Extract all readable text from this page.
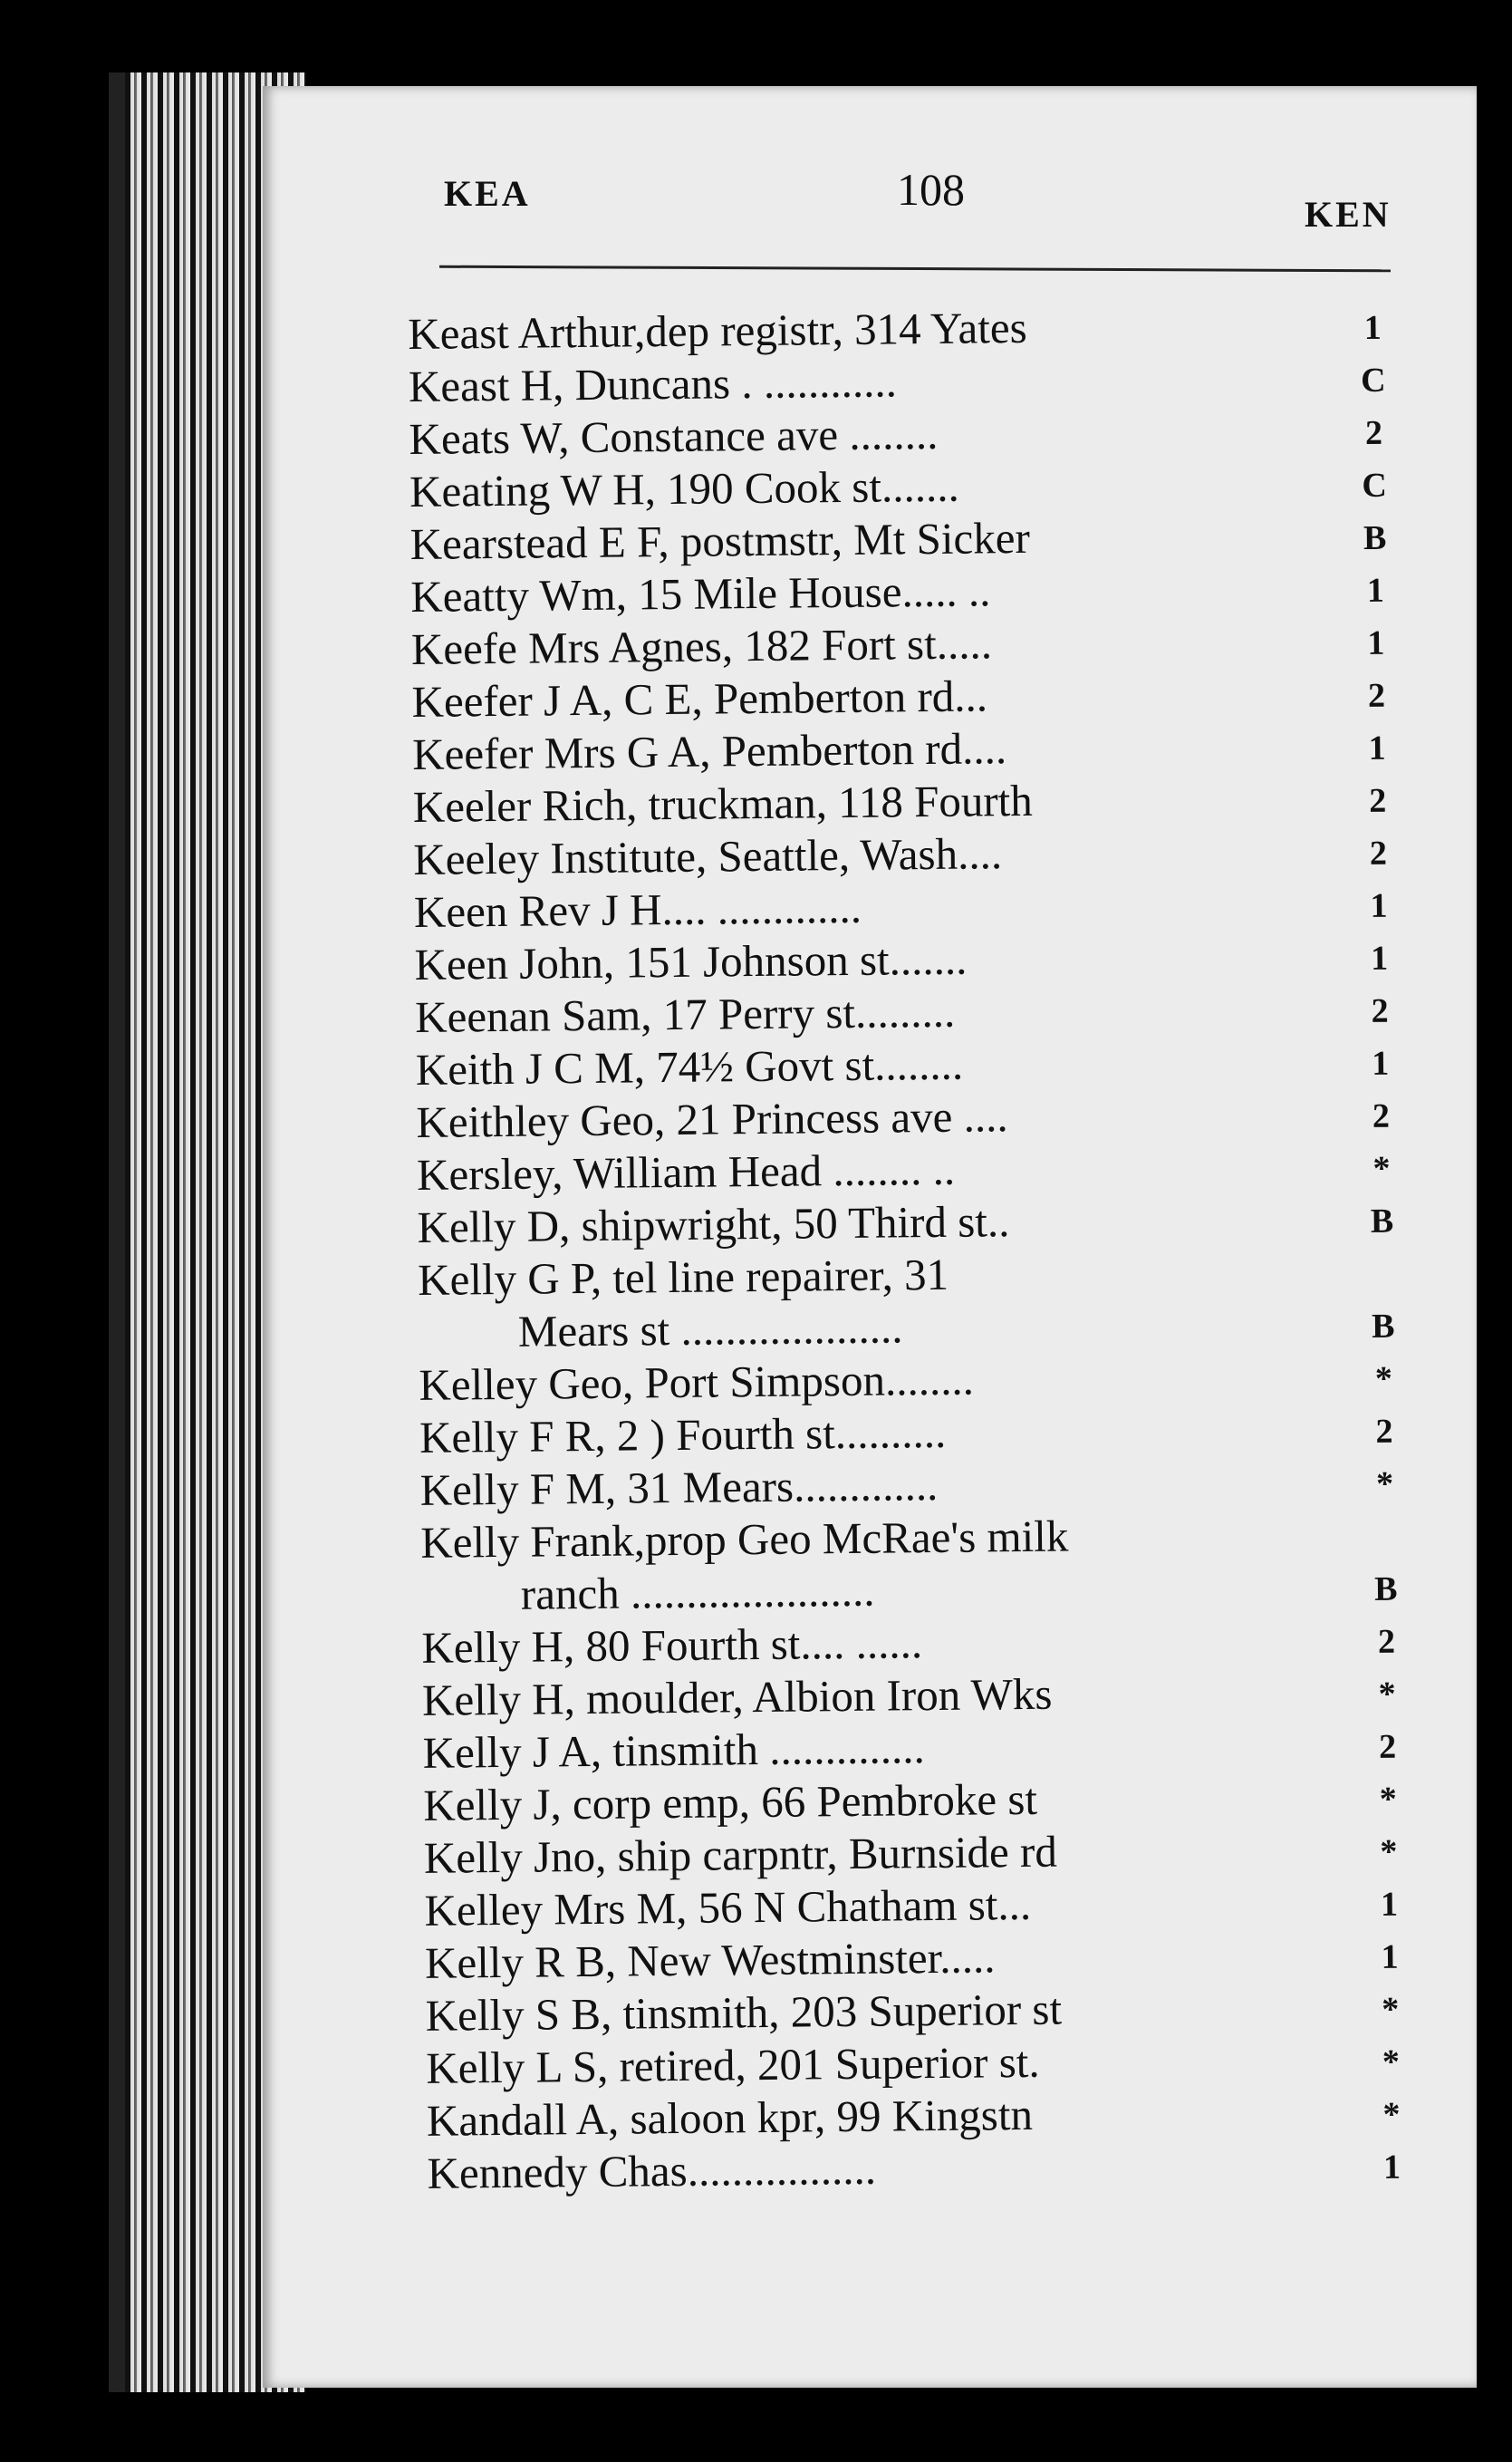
KEA	108	KEN
Keast Arthur,dep registr, 314 Yates	1
Keast H, Duncans . ............	C
Keats W, Constance ave ........	2
Keating W H, 190 Cook st.......	C
Kearstead E F, postmstr, Mt Sicker	B
Keatty Wm, 15 Mile House..... ..	1
Keefe Mrs Agnes, 182 Fort st.....	1
Keefer J A, C E, Pemberton rd...	2
Keefer Mrs G A, Pemberton rd....	1
Keeler Rich, truckman, 118 Fourth	2
Keeley Institute, Seattle, Wash....	2
Keen Rev J H.... .............	1
Keen John, 151 Johnson st.......	1
Keenan Sam, 17 Perry st.........	2
Keith J C M, 74½ Govt st........	1
Keithley Geo, 21 Princess ave ....	2
Kersley, William Head ........ ..	*
Kelly D, shipwright, 50 Third st..	B
Kelly G P, tel line repairer, 31
Mears st ....................	B
Kelley Geo, Port Simpson........	*
Kelly F R, 2 ) Fourth st..........	2
Kelly F M, 31 Mears.............	*
Kelly Frank,prop Geo McRae's milk
ranch ......................	B
Kelly H, 80 Fourth st.... ......	2
Kelly H, moulder, Albion Iron Wks	*
Kelly J A, tinsmith ..............	2
Kelly J, corp emp, 66 Pembroke st	*
Kelly Jno, ship carpntr, Burnside rd	*
Kelley Mrs M, 56 N Chatham st...	1
Kelly R B, New Westminster.....	1
Kelly S B, tinsmith, 203 Superior st	*
Kelly L S, retired, 201 Superior st.	*
Kandall A, saloon kpr, 99 Kingstn	*
Kennedy Chas.................	1
